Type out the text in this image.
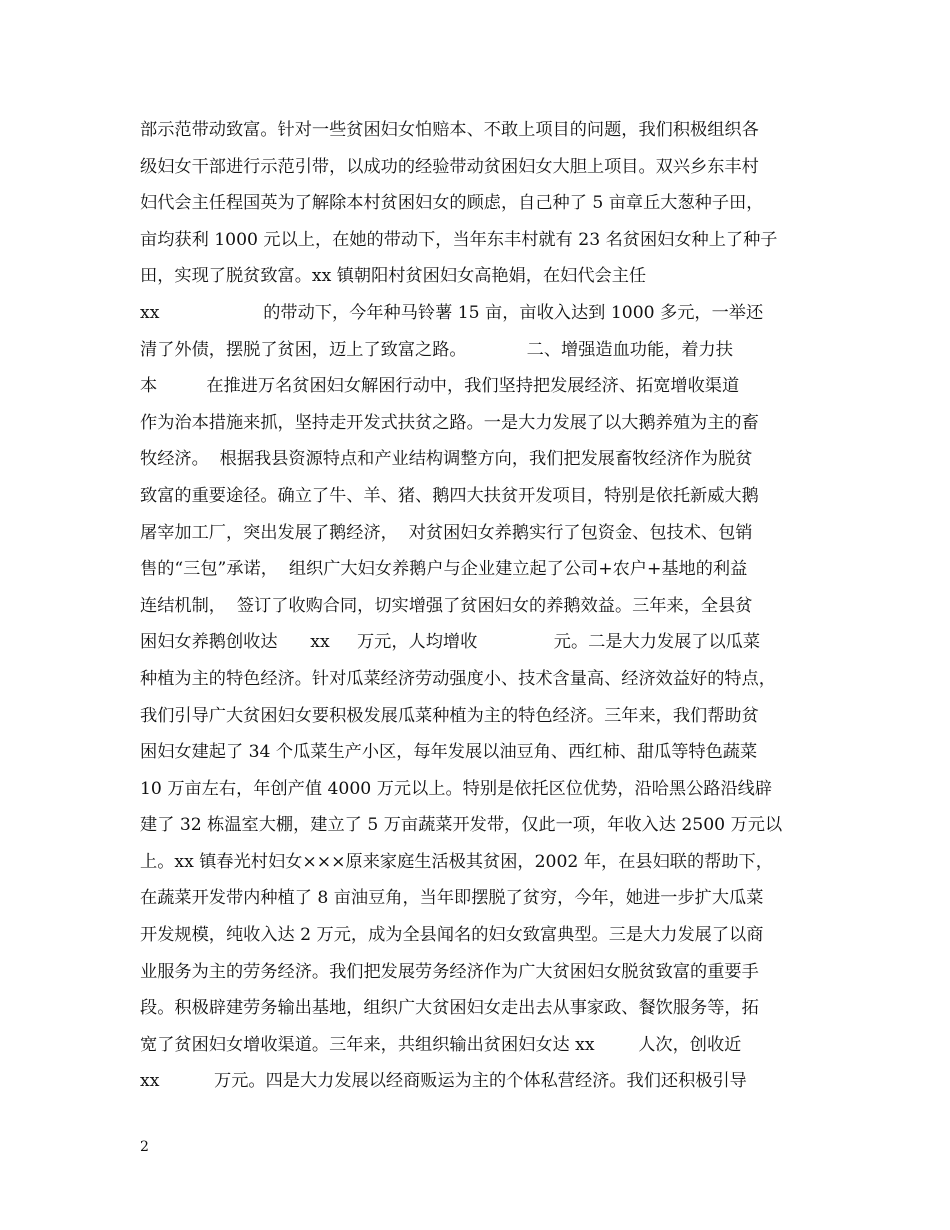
部示范带动致富。针对一些贫困妇女怕赔本、不敢上项目的问题，我们积极组织各
级妇女干部进行示范引带，以成功的经验带动贫困妇女大胆上项目。双兴乡东丰村
妇代会主任程国英为了解除本村贫困妇女的顾虑，自己种了 5 亩章丘大葱种子田，
亩均获利 1000 元以上，在她的带动下，当年东丰村就有 23 名贫困妇女种上了种子
田，实现了脱贫致富。xx 镇朝阳村贫困妇女高艳娟，在妇代会主任
xx                   的带动下，今年种马铃薯 15 亩，亩收入达到 1000 多元，一举还
清了外债，摆脱了贫困，迈上了致富之路。           二、增强造血功能，着力扶
本         在推进万名贫困妇女解困行动中，我们坚持把发展经济、拓宽增收渠道
作为治本措施来抓，坚持走开发式扶贫之路。一是大力发展了以大鹅养殖为主的畜
牧经济。  根据我县资源特点和产业结构调整方向，我们把发展畜牧经济作为脱贫
致富的重要途径。确立了牛、羊、猪、鹅四大扶贫开发项目，特别是依托新威大鹅
屠宰加工厂，突出发展了鹅经济，  对贫困妇女养鹅实行了包资金、包技术、包销
售的“三包”承诺，  组织广大妇女养鹅户与企业建立起了公司+农户+基地的利益
连结机制，  签订了收购合同，切实增强了贫困妇女的养鹅效益。三年来，全县贫
困妇女养鹅创收达      xx     万元，人均增收              元。二是大力发展了以瓜菜
种植为主的特色经济。针对瓜菜经济劳动强度小、技术含量高、经济效益好的特点，
我们引导广大贫困妇女要积极发展瓜菜种植为主的特色经济。三年来，我们帮助贫
困妇女建起了 34 个瓜菜生产小区，每年发展以油豆角、西红柿、甜瓜等特色蔬菜
10 万亩左右，年创产值 4000 万元以上。特别是依托区位优势，沿哈黑公路沿线辟
建了 32 栋温室大棚，建立了 5 万亩蔬菜开发带，仅此一项，年收入达 2500 万元以
上。xx 镇春光村妇女×××原来家庭生活极其贫困，2002 年，在县妇联的帮助下，
在蔬菜开发带内种植了 8 亩油豆角，当年即摆脱了贫穷，今年，她进一步扩大瓜菜
开发规模，纯收入达 2 万元，成为全县闻名的妇女致富典型。三是大力发展了以商
业服务为主的劳务经济。我们把发展劳务经济作为广大贫困妇女脱贫致富的重要手
段。积极辟建劳务输出基地，组织广大贫困妇女走出去从事家政、餐饮服务等，拓
宽了贫困妇女增收渠道。三年来，共组织输出贫困妇女达 xx        人次，创收近
xx          万元。四是大力发展以经商贩运为主的个体私营经济。我们还积极引导
2
